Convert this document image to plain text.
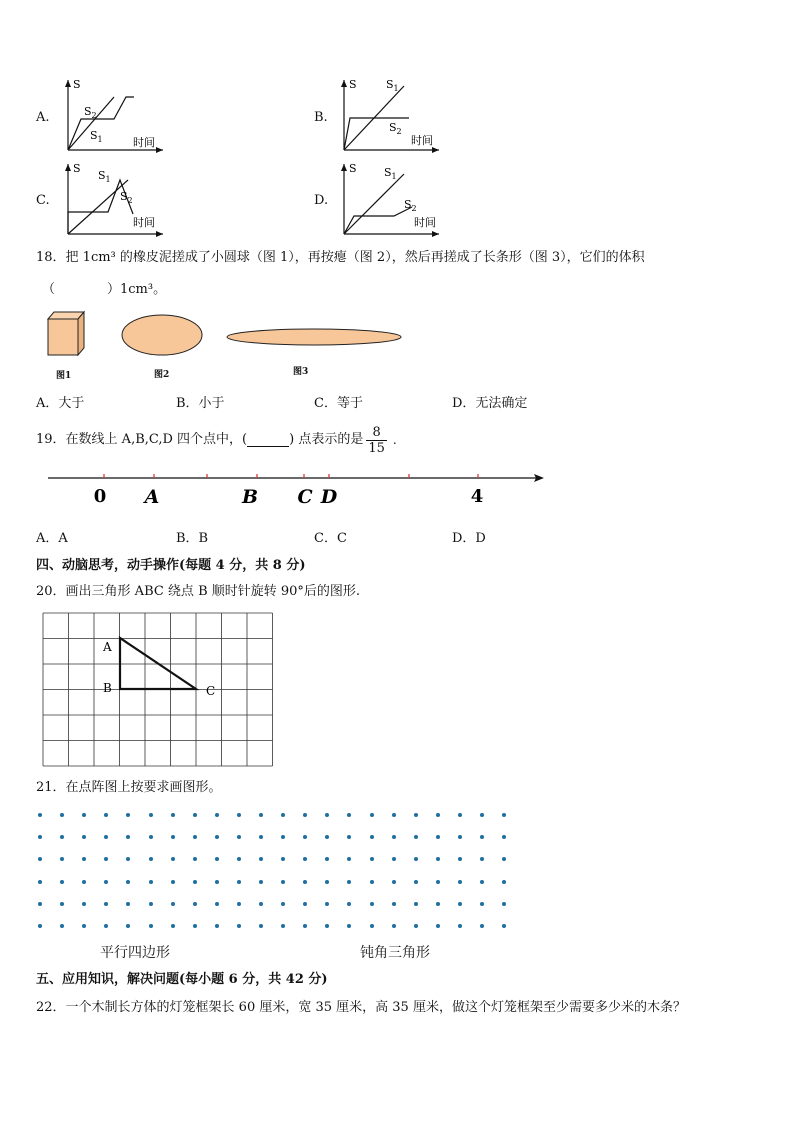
A.
S
时间
$S_2$
$S_1$
B.
S
时间
$S_1$
$S_2$
C.
S
时间
$S_1$
$S_2$	D.
S
时间
$S_1$
$S_2$
18．把 1cm³ 的橡皮泥搓成了小圆球（图 1），再按瘪（图 2），然后再搓成了长条形（图 3），它们的体积
（　　　　）1cm³。
图1	图2	图3
A．大于	B．小于	C．等于	D．无法确定
19．在数线上 A,B,C,D 四个点中，(	) 点表示的是 $\frac{8}{15}$ .
0 A	B C D	4
A．A	B．B	C．C	D．D
四、动脑思考，动手操作(每题 4 分，共 8 分)
20．画出三角形 ABC 绕点 B 顺时针旋转 90°后的图形.
A
B	C
21．在点阵图上按要求画图形。
平行四边形	钝角三角形
五、应用知识，解决问题(每小题 6 分，共 42 分)
22．一个木制长方体的灯笼框架长 60 厘米，宽 35 厘米，高 35 厘米，做这个灯笼框架至少需要多少米的木条？
